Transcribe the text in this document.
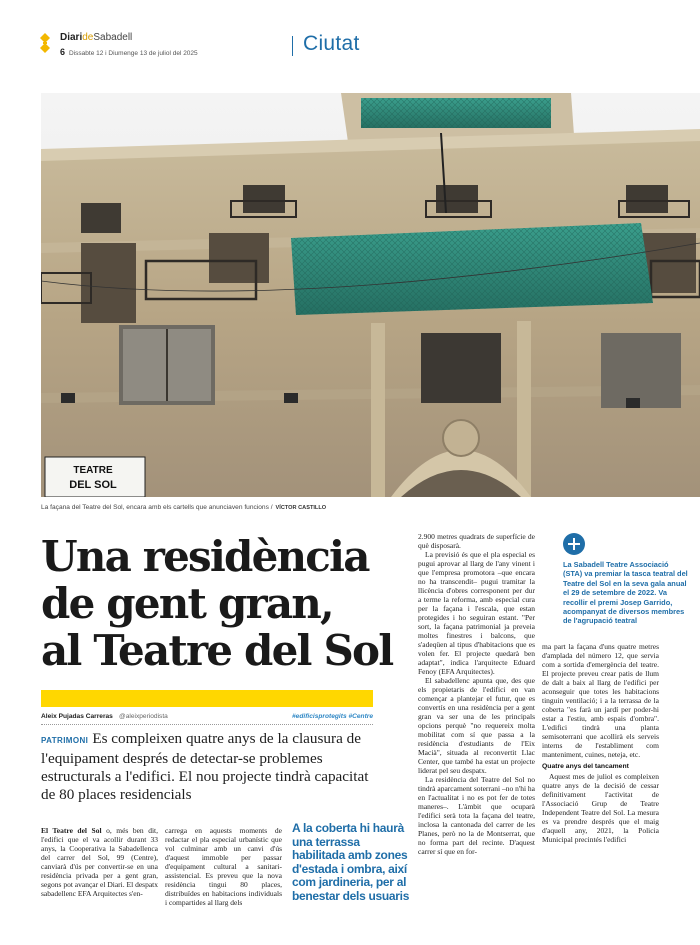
DiarideSabadell
6 Dissabte 12 i Diumenge 13 de juliol del 2025	Ciutat
TEATRE
DEL SOL
La façana del Teatre del Sol, encara amb els cartells que anunciaven funcions / VÍCTOR CASTILLO
Una residència
de gent gran,
al Teatre del Sol
Aleix Pujadas Carreras @aleixperiodista	#edificisprotegits #Centre
PATRIMONI Es compleixen quatre anys de la clausura de l'equipament després de detectar-se problemes estructurals a l'edifici. El nou projecte tindrà capacitat de 80 places residencials

El Teatre del Sol o, més ben dit, l'edifici que el va acollir durant 33 anys, la Cooperativa la Sabadellenca del carrer del Sol, 99 (Centre), canviarà d'ús per convertir-se en una residència privada per a gent gran, segons pot avançar el Diari. El despatx sabadellenc EFA Arquitectes s'en-

carrega en aquests moments de redactar el pla especial urbanístic que vol culminar amb un canvi d'ús d'aquest immoble per passar d'equipament cultural a sanitari-assistencial. Es preveu que la nova residència tingui 80 places, distribuïdes en habitacions individuals i compartides al llarg dels

A la coberta hi haurà una terrassa habilitada amb zones d'estada i ombra, així com jardineria, per al benestar dels usuaris

2.900 metres quadrats de superfície de què disposarà.

La previsió és que el pla especial es pugui aprovar al llarg de l'any vinent i que l'empresa promotora –que encara no ha transcendit– pugui tramitar la llicència d'obres corresponent per dur a terme la reforma, amb especial cura per la façana i l'escala, que estan protegides i ho seguiran estant. "Per sort, la façana patrimonial ja preveia moltes finestres i balcons, que s'adeqüen al tipus d'habitacions que es volen fer. El projecte quedarà ben adaptat", indica l'arquitecte Eduard Fenoy (EFA Arquitectes).

El sabadellenc apunta que, des que els propietaris de l'edifici en van començar a plantejar el futur, que es convertís en una residència per a gent gran va ser una de les principals opcions perquè "no requereix molta mobilitat com sí que passa a la residència d'estudiants de l'Eix Macià", situada al reconvertit Llac Center, que també ha estat un projecte liderat pel seu despatx.

La residència del Teatre del Sol no tindrà aparcament soterrani –no n'hi ha en l'actualitat i no es pot fer de totes maneres–. L'àmbit que ocuparà l'edifici serà tota la façana del teatre, inclosa la cantonada del carrer de les Planes, però no la de Montserrat, que no forma part del recinte. D'aquest carrer sí que en for-

La Sabadell Teatre Associació (STA) va premiar la tasca teatral del Teatre del Sol en la seva gala anual el 29 de setembre de 2022. Va recollir el premi Josep Garrido, acompanyat de diversos membres de l'agrupació teatral

ma part la façana d'uns quatre metres d'amplada del número 12, que servia com a sortida d'emergència del teatre. El projecte preveu crear patis de llum de dalt a baix al llarg de l'edifici per aconseguir que totes les habitacions tinguin ventilació; i a la terrassa de la coberta "es farà un jardí per poder-hi estar a l'estiu, amb espais d'ombra". L'edifici tindrà una planta semisoterrani que acollirà els serveis interns de l'establiment com manteniment, cuines, neteja, etc.

Quatre anys del tancament

Aquest mes de juliol es compleixen quatre anys de la decisió de cessar definitivament l'activitat de l'Associació Grup de Teatre Independent Teatre del Sol. La mesura es va prendre després que el maig d'aquell any, 2021, la Policia Municipal precintés l'edifici
